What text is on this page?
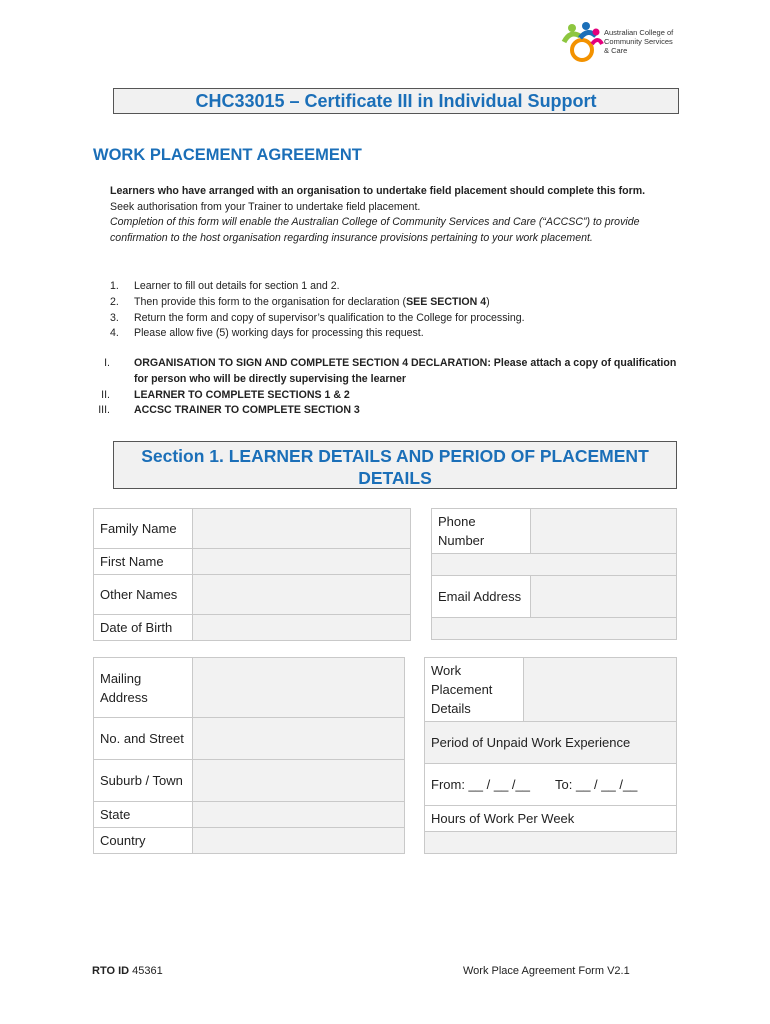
Australian College of
Community Services
& Care
CHC33015 – Certificate III in Individual Support
WORK PLACEMENT AGREEMENT
Learners who have arranged with an organisation to undertake field placement should complete this form.
Seek authorisation from your Trainer to undertake field placement.
Completion of this form will enable the Australian College of Community Services and Care (“ACCSC”) to provide confirmation to the host organisation regarding insurance provisions pertaining to your work placement.
1. Learner to fill out details for section 1 and 2.
2. Then provide this form to the organisation for declaration (SEE SECTION 4)
3. Return the form and copy of supervisor’s qualification to the College for processing.
4. Please allow five (5) working days for processing this request.
I. ORGANISATION TO SIGN AND COMPLETE SECTION 4 DECLARATION: Please attach a copy of qualification for person who will be directly supervising the learner
II. LEARNER TO COMPLETE SECTIONS 1 & 2
III. ACCSC TRAINER TO COMPLETE SECTION 3
Section 1. LEARNER DETAILS AND PERIOD OF PLACEMENT DETAILS
Family Name	
First Name	
Other Names	
Date of Birth	
Phone Number	

Email Address	

Mailing Address	
No. and Street	
Suburb / Town	
State	
Country	
Work Placement Details	
Period of Unpaid Work Experience
From: __ / __ /__ To: __ / __ /__
Hours of Work Per Week

RTO ID 45361	Work Place Agreement Form V2.1
